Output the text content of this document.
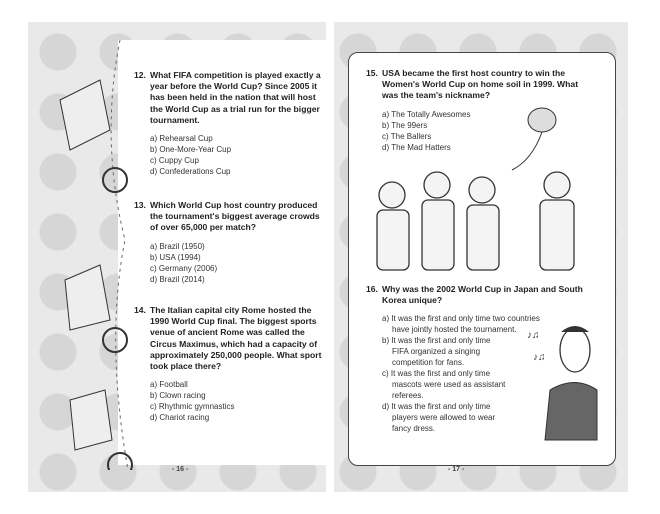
12. What FIFA competition is played exactly a year before the World Cup? Since 2005 it has been held in the nation that will host the World Cup as a trial run for the bigger tournament.
a) Rehearsal Cup
b) One-More-Year Cup
c) Cuppy Cup
d) Confederations Cup
13. Which World Cup host country produced the tournament's biggest average crowds of over 65,000 per match?
a) Brazil (1950)
b) USA (1994)
c) Germany (2006)
d) Brazil (2014)
14. The Italian capital city Rome hosted the 1990 World Cup final. The biggest sports venue of ancient Rome was called the Circus Maximus, which had a capacity of approximately 250,000 people. What sport took place there?
a) Football
b) Clown racing
c) Rhythmic gymnastics
d) Chariot racing
- 16 -
15. USA became the first host country to win the Women's World Cup on home soil in 1999. What was the team's nickname?
a) The Totally Awesomes
b) The 99ers
c) The Ballers
d) The Mad Hatters
16. Why was the 2002 World Cup in Japan and South Korea unique?
a) It was the first and only time two countries have jointly hosted the tournament.
b) It was the first and only time FIFA organized a singing competition for fans.
c) It was the first and only time mascots were used as assistant referees.
d) It was the first and only time players were allowed to wear fancy dress.
♪♫
♪♫
- 17 -
